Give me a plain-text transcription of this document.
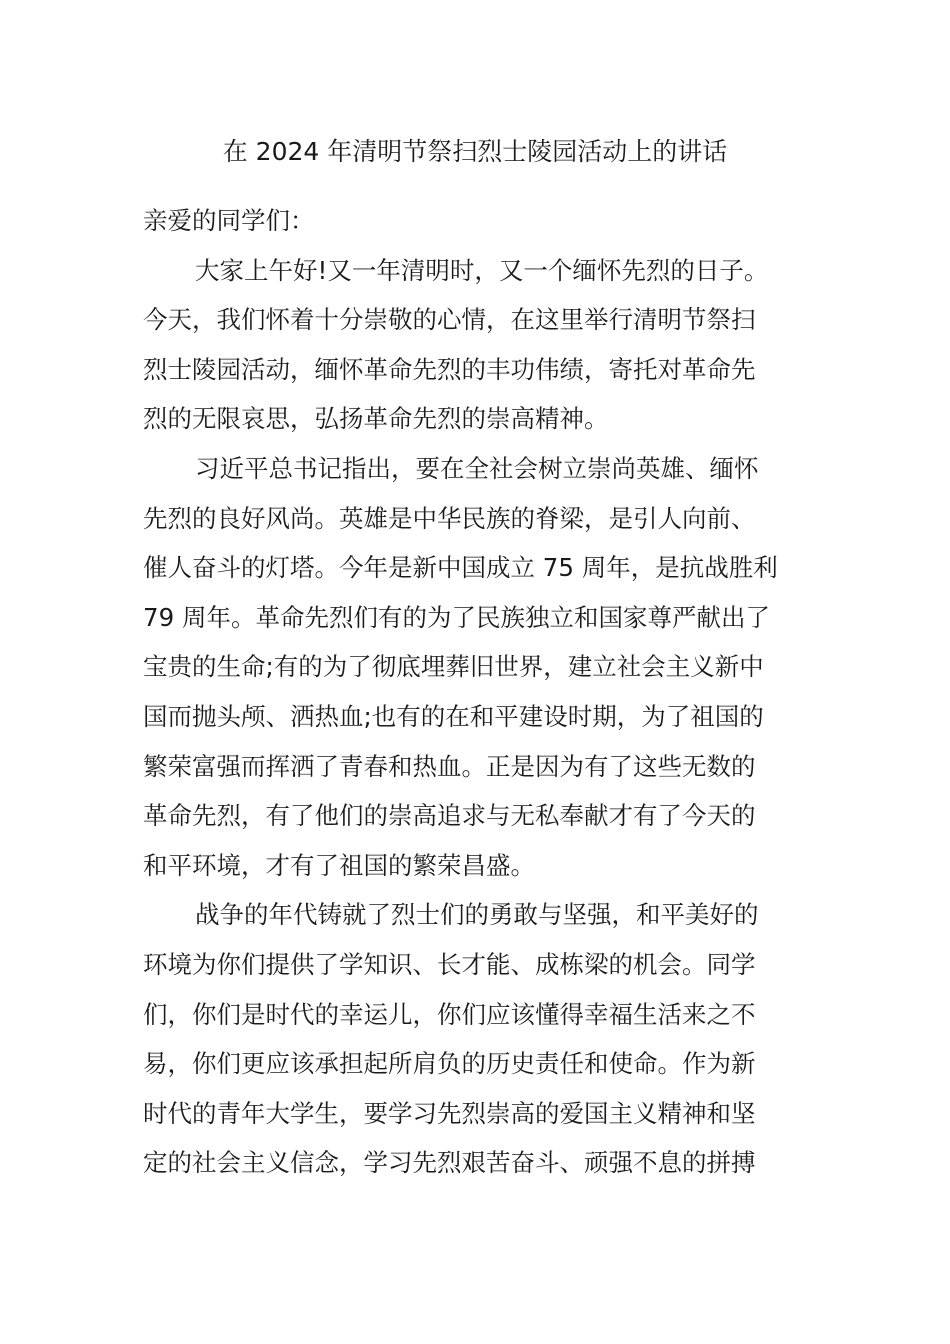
在 2024 年清明节祭扫烈士陵园活动上的讲话
亲爱的同学们：
大家上午好!又一年清明时，又一个缅怀先烈的日子。
今天，我们怀着十分崇敬的心情，在这里举行清明节祭扫
烈士陵园活动，缅怀革命先烈的丰功伟绩，寄托对革命先
烈的无限哀思，弘扬革命先烈的崇高精神。
习近平总书记指出，要在全社会树立崇尚英雄、缅怀
先烈的良好风尚。英雄是中华民族的脊梁，是引人向前、
催人奋斗的灯塔。今年是新中国成立 75 周年，是抗战胜利
79 周年。革命先烈们有的为了民族独立和国家尊严献出了
宝贵的生命;有的为了彻底埋葬旧世界，建立社会主义新中
国而抛头颅、洒热血;也有的在和平建设时期，为了祖国的
繁荣富强而挥洒了青春和热血。正是因为有了这些无数的
革命先烈，有了他们的崇高追求与无私奉献才有了今天的
和平环境，才有了祖国的繁荣昌盛。
战争的年代铸就了烈士们的勇敢与坚强，和平美好的
环境为你们提供了学知识、长才能、成栋梁的机会。同学
们，你们是时代的幸运儿，你们应该懂得幸福生活来之不
易，你们更应该承担起所肩负的历史责任和使命。作为新
时代的青年大学生，要学习先烈崇高的爱国主义精神和坚
定的社会主义信念，学习先烈艰苦奋斗、顽强不息的拼搏
